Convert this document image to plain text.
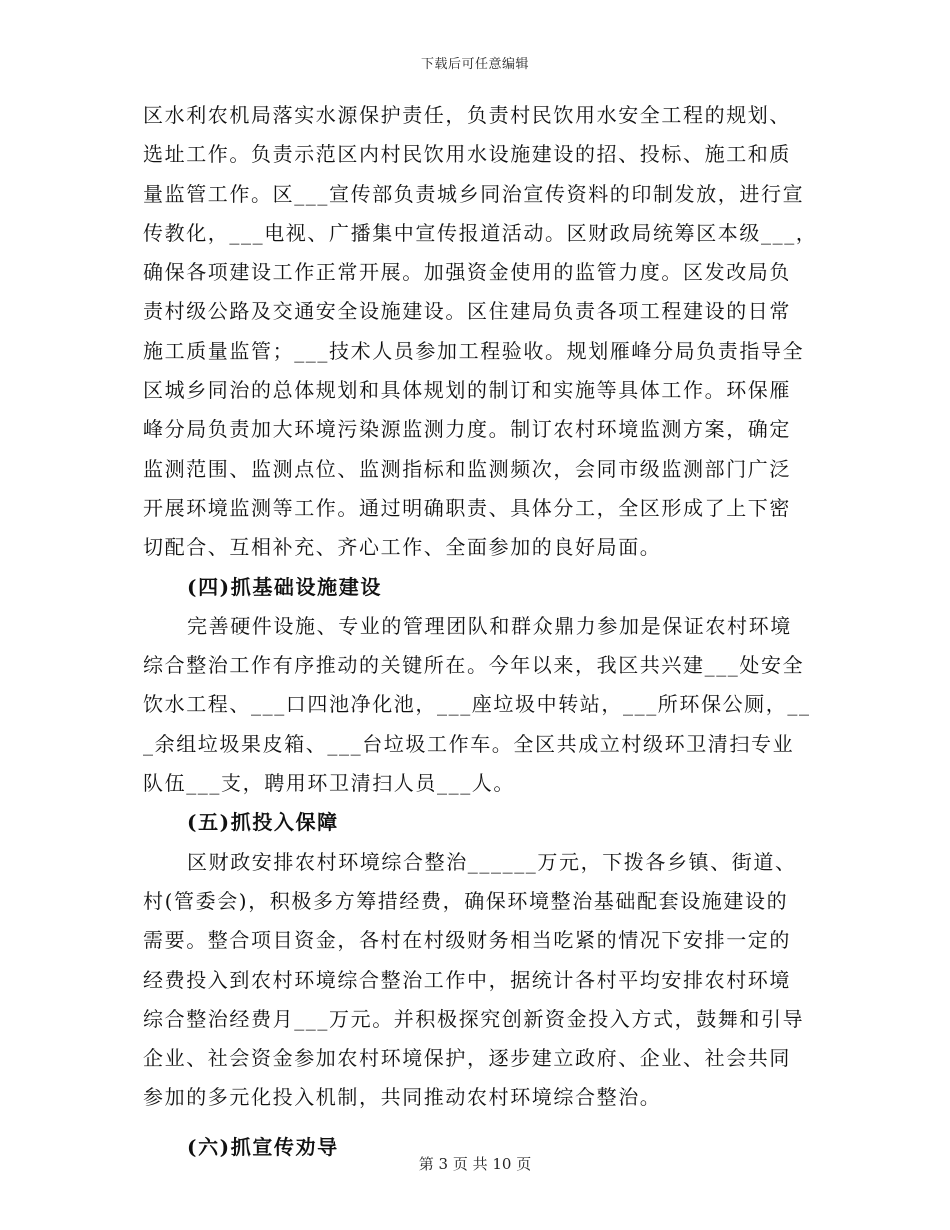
下载后可任意编辑
区水利农机局落实水源保护责任，负责村民饮用水安全工程的规划、
选址工作。负责示范区内村民饮用水设施建设的招、投标、施工和质
量监管工作。区___宣传部负责城乡同治宣传资料的印制发放，进行宣
传教化，___电视、广播集中宣传报道活动。区财政局统筹区本级___，
确保各项建设工作正常开展。加强资金使用的监管力度。区发改局负
责村级公路及交通安全设施建设。区住建局负责各项工程建设的日常
施工质量监管；___技术人员参加工程验收。规划雁峰分局负责指导全
区城乡同治的总体规划和具体规划的制订和实施等具体工作。环保雁
峰分局负责加大环境污染源监测力度。制订农村环境监测方案，确定
监测范围、监测点位、监测指标和监测频次，会同市级监测部门广泛
开展环境监测等工作。通过明确职责、具体分工，全区形成了上下密
切配合、互相补充、齐心工作、全面参加的良好局面。
(四)抓基础设施建设
完善硬件设施、专业的管理团队和群众鼎力参加是保证农村环境
综合整治工作有序推动的关键所在。今年以来，我区共兴建___处安全
饮水工程、___口四池净化池，___座垃圾中转站，___所环保公厕，__
_余组垃圾果皮箱、___台垃圾工作车。全区共成立村级环卫清扫专业
队伍___支，聘用环卫清扫人员___人。
(五)抓投入保障
区财政安排农村环境综合整治______万元，下拨各乡镇、街道、
村(管委会)，积极多方筹措经费，确保环境整治基础配套设施建设的
需要。整合项目资金，各村在村级财务相当吃紧的情况下安排一定的
经费投入到农村环境综合整治工作中，据统计各村平均安排农村环境
综合整治经费月___万元。并积极探究创新资金投入方式，鼓舞和引导
企业、社会资金参加农村环境保护，逐步建立政府、企业、社会共同
参加的多元化投入机制，共同推动农村环境综合整治。
(六)抓宣传劝导
第 3 页 共 10 页
